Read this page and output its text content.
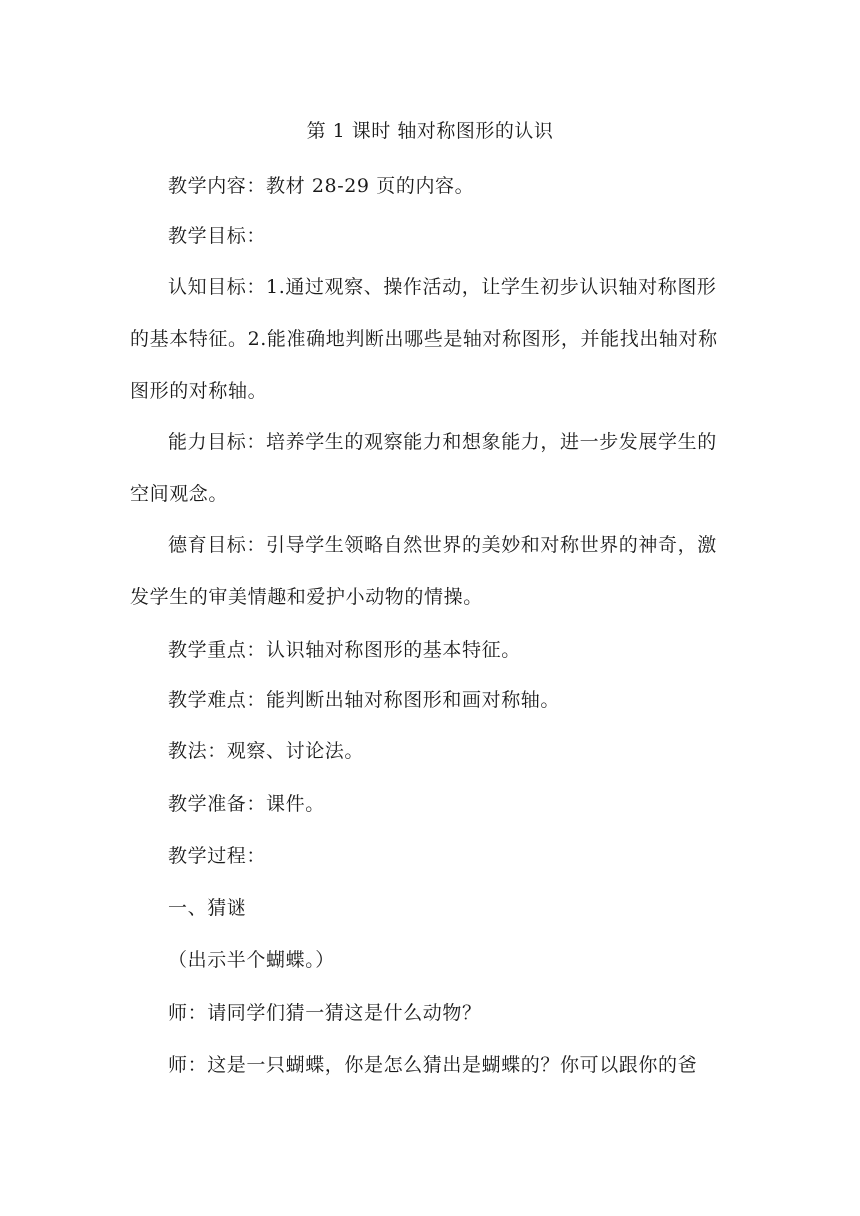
第 1 课时 轴对称图形的认识
教学内容：教材 28-29 页的内容。
教学目标：
认知目标：1.通过观察、操作活动，让学生初步认识轴对称图形的基本特征。2.能准确地判断出哪些是轴对称图形，并能找出轴对称图形的对称轴。
能力目标：培养学生的观察能力和想象能力，进一步发展学生的空间观念。
德育目标：引导学生领略自然世界的美妙和对称世界的神奇，激发学生的审美情趣和爱护小动物的情操。
教学重点：认识轴对称图形的基本特征。
教学难点：能判断出轴对称图形和画对称轴。
教法：观察、讨论法。
教学准备：课件。
教学过程：
一、猜谜
（出示半个蝴蝶。）
师：请同学们猜一猜这是什么动物？
师：这是一只蝴蝶，你是怎么猜出是蝴蝶的？你可以跟你的爸
